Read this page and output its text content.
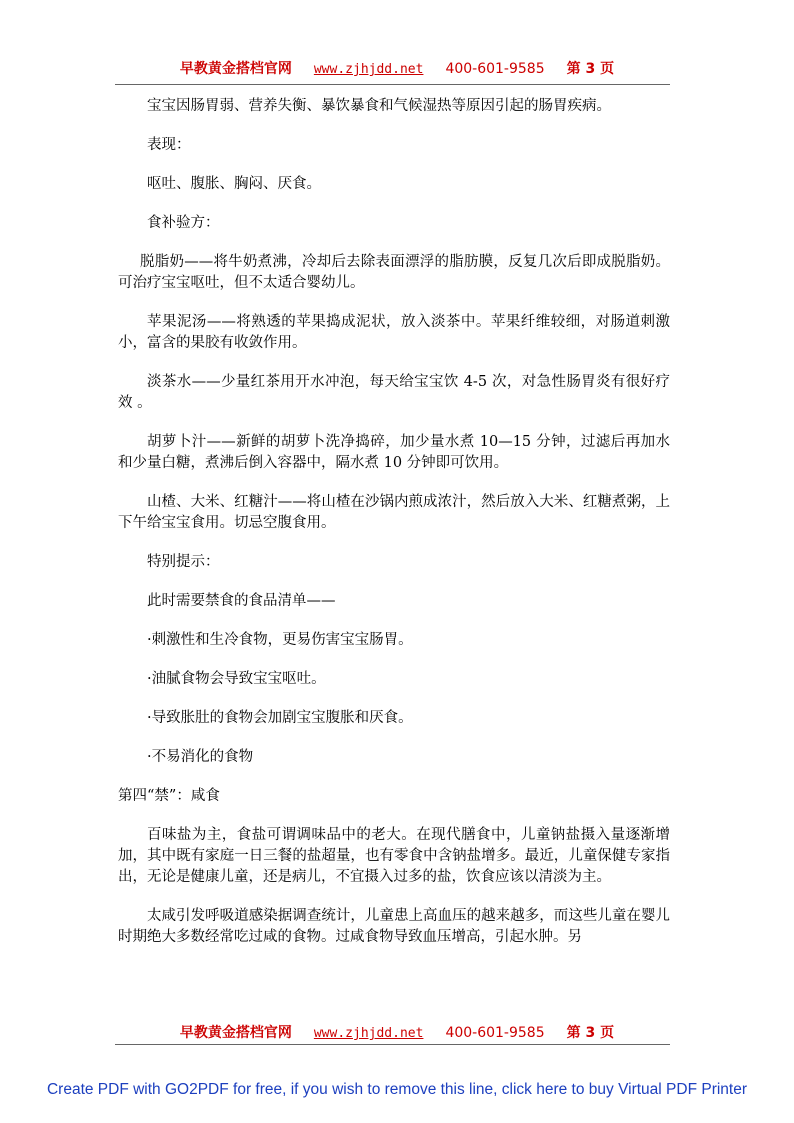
早教黄金搭档官网 www.zjhjdd.net 400-601-9585 第 3 页

宝宝因肠胃弱、营养失衡、暴饮暴食和气候湿热等原因引起的肠胃疾病。

表现：

呕吐、腹胀、胸闷、厌食。

食补验方：

脱脂奶——将牛奶煮沸，冷却后去除表面漂浮的脂肪膜，反复几次后即成脱脂奶。可治疗宝宝呕吐，但不太适合婴幼儿。

苹果泥汤——将熟透的苹果捣成泥状，放入淡茶中。苹果纤维较细，对肠道刺激小，富含的果胶有收敛作用。

淡茶水——少量红茶用开水冲泡，每天给宝宝饮 4-5 次，对急性肠胃炎有很好疗效 。

胡萝卜汁——新鲜的胡萝卜洗净捣碎，加少量水煮 10—15 分钟，过滤后再加水和少量白糖，煮沸后倒入容器中，隔水煮 10 分钟即可饮用。

山楂、大米、红糖汁——将山楂在沙锅内煎成浓汁，然后放入大米、红糖煮粥，上下午给宝宝食用。切忌空腹食用。

特别提示：

此时需要禁食的食品清单——

·刺激性和生冷食物，更易伤害宝宝肠胃。

·油腻食物会导致宝宝呕吐。

·导致胀肚的食物会加剧宝宝腹胀和厌食。

·不易消化的食物

第四“禁”：咸食

百味盐为主，食盐可谓调味品中的老大。在现代膳食中，儿童钠盐摄入量逐渐增加，其中既有家庭一日三餐的盐超量，也有零食中含钠盐增多。最近，儿童保健专家指出，无论是健康儿童，还是病儿，不宜摄入过多的盐，饮食应该以清淡为主。

太咸引发呼吸道感染据调查统计，儿童患上高血压的越来越多，而这些儿童在婴儿时期绝大多数经常吃过咸的食物。过咸食物导致血压增高，引起水肿。另

早教黄金搭档官网 www.zjhjdd.net 400-601-9585 第 3 页
Create PDF with GO2PDF for free, if you wish to remove this line, click here to buy Virtual PDF Printer
